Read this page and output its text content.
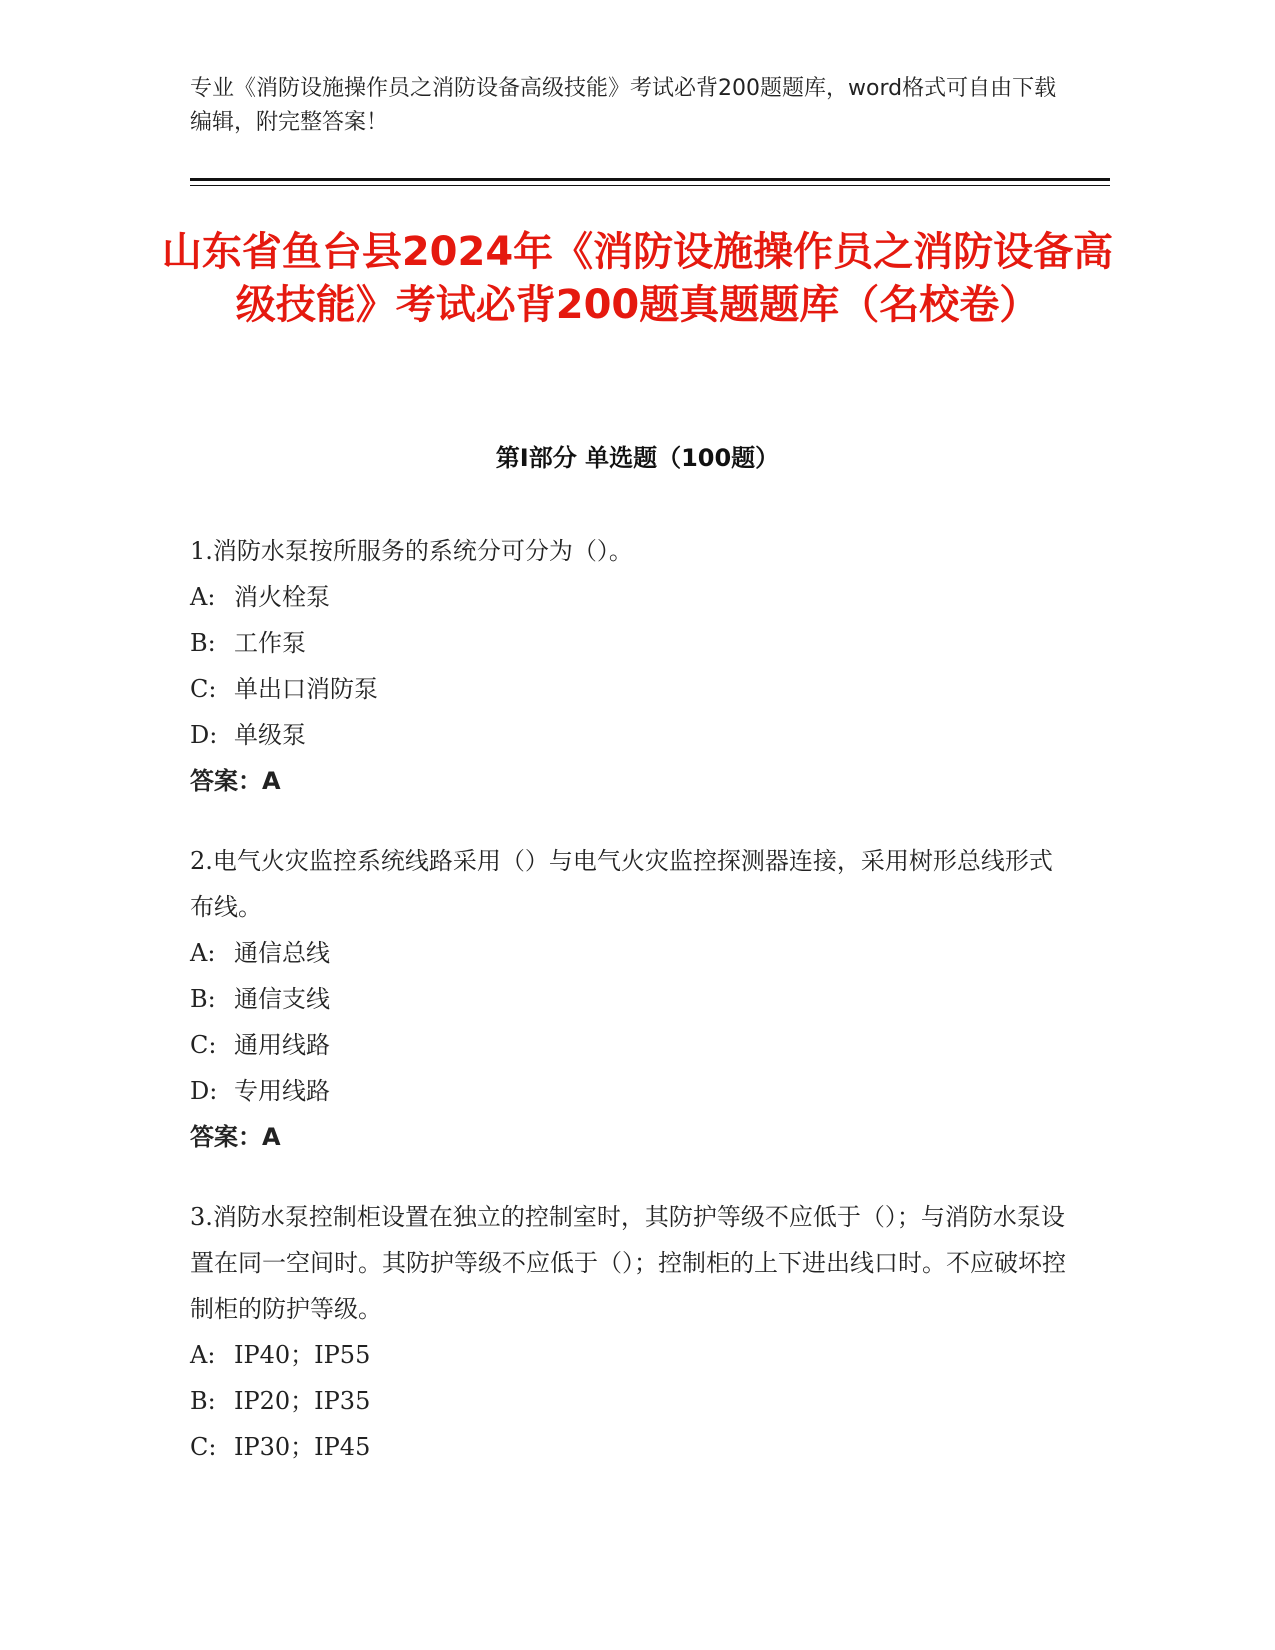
专业《消防设施操作员之消防设备高级技能》考试必背200题题库，word格式可自由下载编辑，附完整答案！
山东省鱼台县2024年《消防设施操作员之消防设备高级技能》考试必背200题真题题库（名校卷）
第I部分 单选题（100题）

1.消防水泵按所服务的系统分可分为（）。

A: 消火栓泵

B: 工作泵

C: 单出口消防泵

D: 单级泵

答案：A

2.电气火灾监控系统线路采用（）与电气火灾监控探测器连接，采用树形总线形式布线。

A: 通信总线

B: 通信支线

C: 通用线路

D: 专用线路

答案：A

3.消防水泵控制柜设置在独立的控制室时，其防护等级不应低于（）；与消防水泵设置在同一空间时。其防护等级不应低于（）；控制柜的上下进出线口时。不应破坏控制柜的防护等级。

A: IP40；IP55

B: IP20；IP35

C: IP30；IP45
